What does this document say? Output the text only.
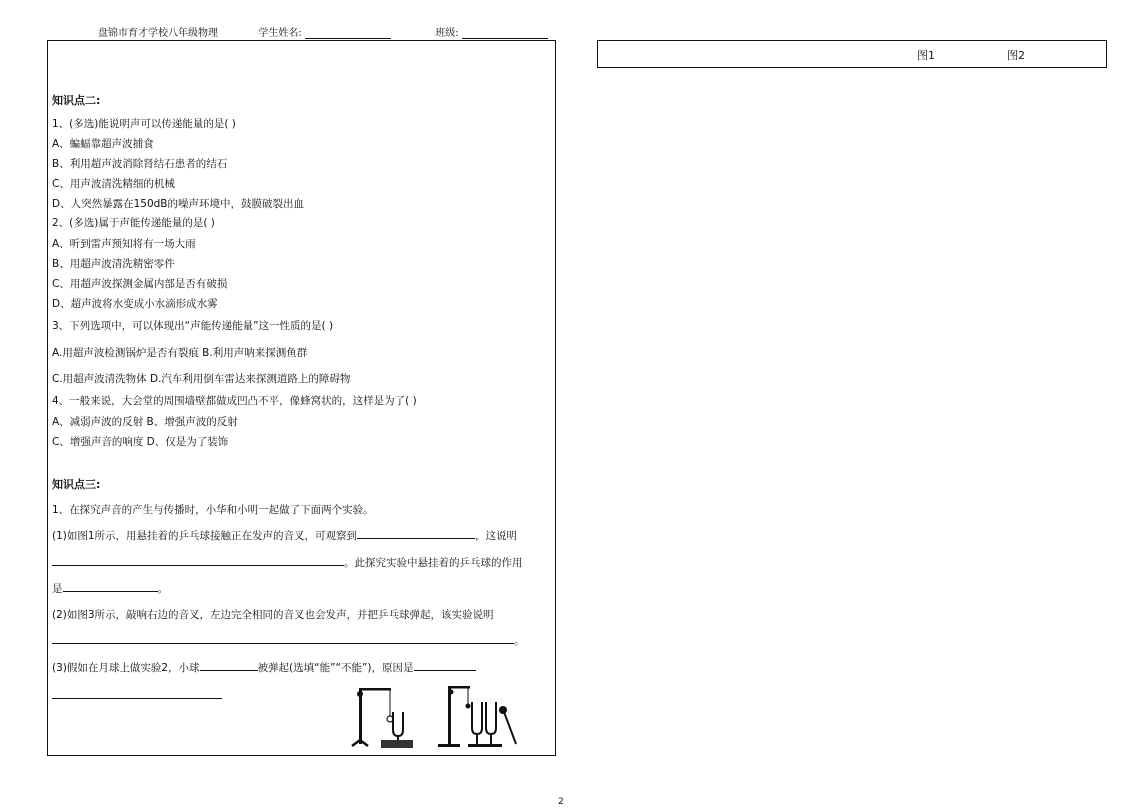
盘锦市育才学校八年级物理	学生姓名:	班级:
图1	图2
知识点二:
1、(多选)能说明声可以传递能量的是( )
A、蝙蝠靠超声波捕食
B、利用超声波消除肾结石患者的结石
C、用声波清洗精细的机械
D、人突然暴露在150dB的噪声环境中，鼓膜破裂出血
2、(多选)属于声能传递能量的是( )
A、听到雷声预知将有一场大雨
B、用超声波清洗精密零件
C、用超声波探测金属内部是否有破损
D、超声波将水变成小水滴形成水雾
3、下列选项中，可以体现出“声能传递能量”这一性质的是( )
A.用超声波检测锅炉是否有裂痕 B.利用声呐来探测鱼群
C.用超声波清洗物体 D.汽车利用倒车雷达来探测道路上的障碍物
4、一般来说，大会堂的周围墙壁都做成凹凸不平，像蜂窝状的，这样是为了( )
A、减弱声波的反射 B、增强声波的反射
C、增强声音的响度 D、仅是为了装饰
知识点三:
1、在探究声音的产生与传播时，小华和小明一起做了下面两个实验。
(1)如图1所示，用悬挂着的乒乓球接触正在发声的音叉，可观察到	，这说明
。此探究实验中悬挂着的乒乓球的作用
是	。
(2)如图3所示，敲响右边的音叉，左边完全相同的音叉也会发声，并把乒乓球弹起，该实验说明
。
(3)假如在月球上做实验2，小球	被弹起(选填“能”“不能”)，原因是
2
